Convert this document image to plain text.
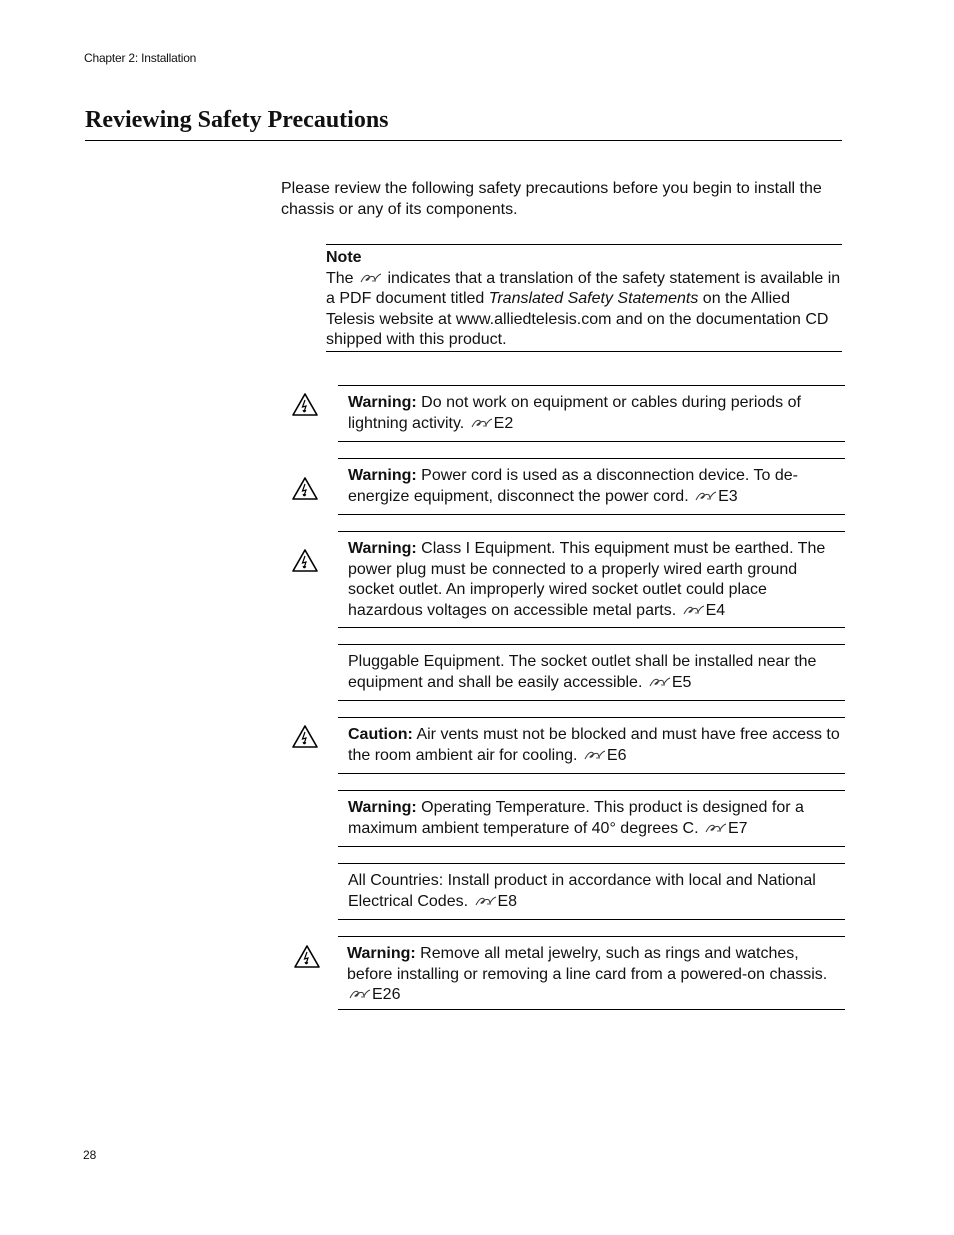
Chapter 2: Installation
Reviewing Safety Precautions
Please review the following safety precautions before you begin to install the chassis or any of its components.
Note
The  indicates that a translation of the safety statement is available in a PDF document titled Translated Safety Statements on the Allied Telesis website at www.alliedtelesis.com and on the documentation CD shipped with this product.
Warning: Do not work on equipment or cables during periods of lightning activity. E2
Warning: Power cord is used as a disconnection device. To de-energize equipment, disconnect the power cord. E3
Warning: Class I Equipment. This equipment must be earthed. The power plug must be connected to a properly wired earth ground socket outlet. An improperly wired socket outlet could place hazardous voltages on accessible metal parts. E4
Pluggable Equipment. The socket outlet shall be installed near the equipment and shall be easily accessible. E5
Caution: Air vents must not be blocked and must have free access to the room ambient air for cooling. E6
Warning: Operating Temperature. This product is designed for a maximum ambient temperature of 40° degrees C. E7
All Countries: Install product in accordance with local and National Electrical Codes. E8
Warning: Remove all metal jewelry, such as rings and watches, before installing or removing a line card from a powered-on chassis. E26
28
